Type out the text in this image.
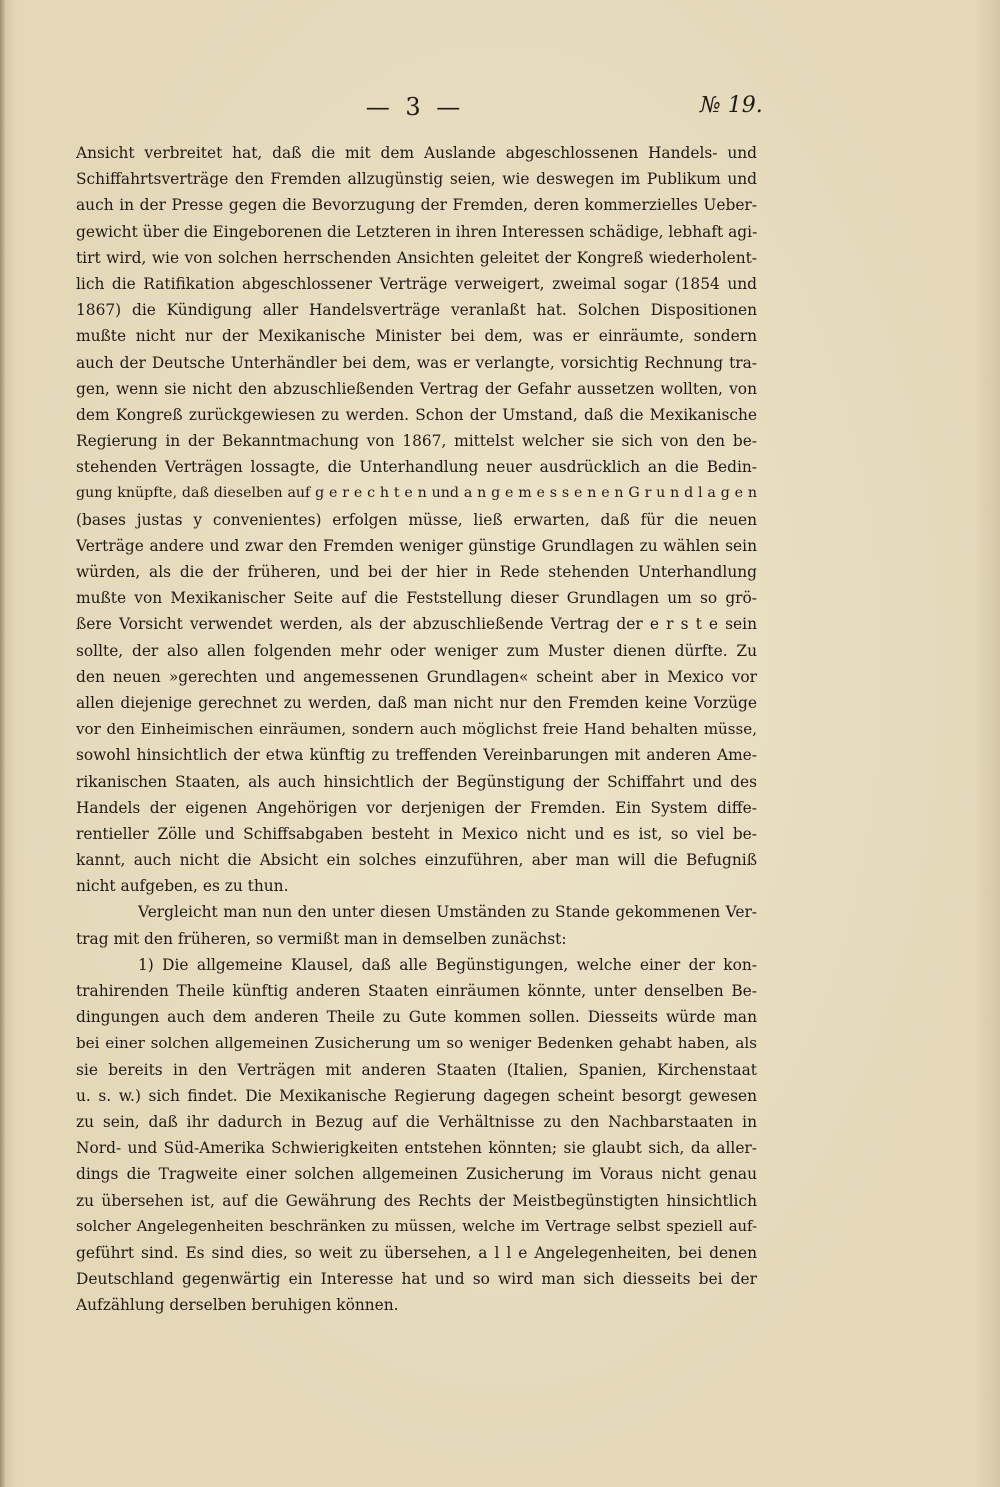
— 3 —	№ 19.
Ansicht verbreitet hat, daß die mit dem Auslande abgeschlossenen Handels- und
Schiffahrtsverträge den Fremden allzugünstig seien, wie deswegen im Publikum und
auch in der Presse gegen die Bevorzugung der Fremden, deren kommerzielles Ueber-
gewicht über die Eingeborenen die Letzteren in ihren Interessen schädige, lebhaft agi-
tirt wird, wie von solchen herrschenden Ansichten geleitet der Kongreß wiederholent-
lich die Ratifikation abgeschlossener Verträge verweigert, zweimal sogar (1854 und
1867) die Kündigung aller Handelsverträge veranlaßt hat. Solchen Dispositionen
mußte nicht nur der Mexikanische Minister bei dem, was er einräumte, sondern
auch der Deutsche Unterhändler bei dem, was er verlangte, vorsichtig Rechnung tra-
gen, wenn sie nicht den abzuschließenden Vertrag der Gefahr aussetzen wollten, von
dem Kongreß zurückgewiesen zu werden. Schon der Umstand, daß die Mexikanische
Regierung in der Bekanntmachung von 1867, mittelst welcher sie sich von den be-
stehenden Verträgen lossagte, die Unterhandlung neuer ausdrücklich an die Bedin-
gung knüpfte, daß dieselben auf g e r e c h t e n und a n g e m e s s e n e n G r u n d l a g e n
(bases justas y convenientes) erfolgen müsse, ließ erwarten, daß für die neuen
Verträge andere und zwar den Fremden weniger günstige Grundlagen zu wählen sein
würden, als die der früheren, und bei der hier in Rede stehenden Unterhandlung
mußte von Mexikanischer Seite auf die Feststellung dieser Grundlagen um so grö-
ßere Vorsicht verwendet werden, als der abzuschließende Vertrag der e r s t e sein
sollte, der also allen folgenden mehr oder weniger zum Muster dienen dürfte. Zu
den neuen »gerechten und angemessenen Grundlagen« scheint aber in Mexico vor
allen diejenige gerechnet zu werden, daß man nicht nur den Fremden keine Vorzüge
vor den Einheimischen einräumen, sondern auch möglichst freie Hand behalten müsse,
sowohl hinsichtlich der etwa künftig zu treffenden Vereinbarungen mit anderen Ame-
rikanischen Staaten, als auch hinsichtlich der Begünstigung der Schiffahrt und des
Handels der eigenen Angehörigen vor derjenigen der Fremden. Ein System diffe-
rentieller Zölle und Schiffsabgaben besteht in Mexico nicht und es ist, so viel be-
kannt, auch nicht die Absicht ein solches einzuführen, aber man will die Befugniß
nicht aufgeben, es zu thun.
Vergleicht man nun den unter diesen Umständen zu Stande gekommenen Ver-
trag mit den früheren, so vermißt man in demselben zunächst:
1) Die allgemeine Klausel, daß alle Begünstigungen, welche einer der kon-
trahirenden Theile künftig anderen Staaten einräumen könnte, unter denselben Be-
dingungen auch dem anderen Theile zu Gute kommen sollen. Diesseits würde man
bei einer solchen allgemeinen Zusicherung um so weniger Bedenken gehabt haben, als
sie bereits in den Verträgen mit anderen Staaten (Italien, Spanien, Kirchenstaat
u. s. w.) sich findet. Die Mexikanische Regierung dagegen scheint besorgt gewesen
zu sein, daß ihr dadurch in Bezug auf die Verhältnisse zu den Nachbarstaaten in
Nord- und Süd-Amerika Schwierigkeiten entstehen könnten; sie glaubt sich, da aller-
dings die Tragweite einer solchen allgemeinen Zusicherung im Voraus nicht genau
zu übersehen ist, auf die Gewährung des Rechts der Meistbegünstigten hinsichtlich
solcher Angelegenheiten beschränken zu müssen, welche im Vertrage selbst speziell auf-
geführt sind. Es sind dies, so weit zu übersehen, a l l e Angelegenheiten, bei denen
Deutschland gegenwärtig ein Interesse hat und so wird man sich diesseits bei der
Aufzählung derselben beruhigen können.
